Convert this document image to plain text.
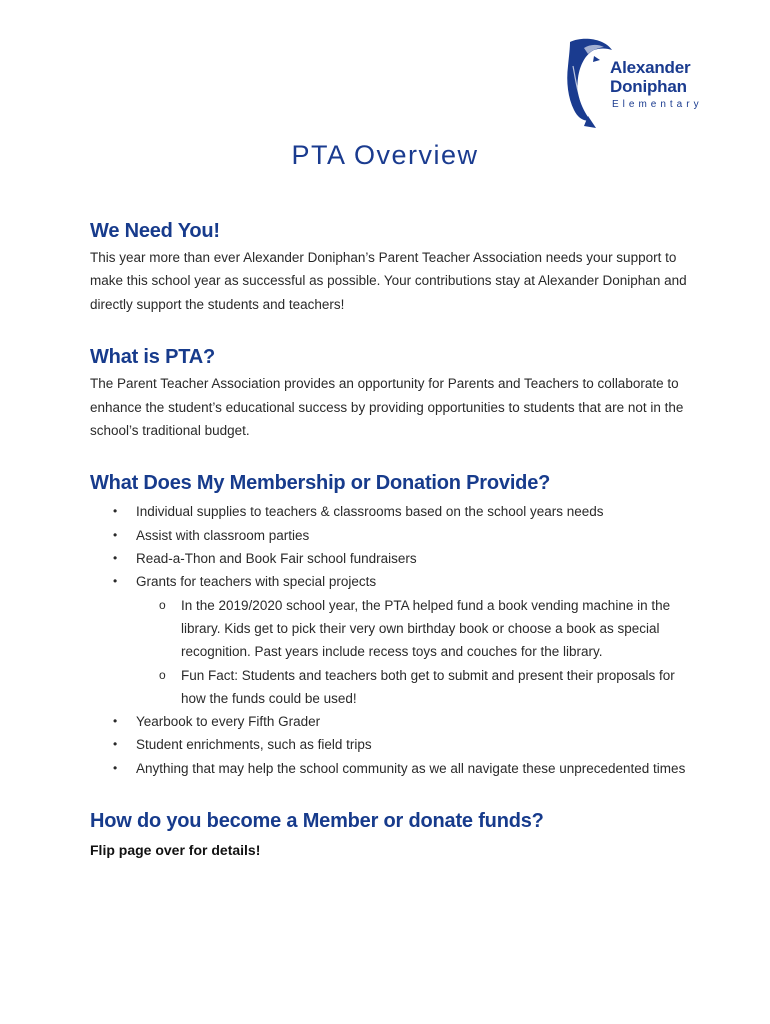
Alexander
Doniphan
Elementary
PTA Overview
We Need You!

This year more than ever Alexander Doniphan’s Parent Teacher Association needs your support to make this school year as successful as possible. Your contributions stay at Alexander Doniphan and directly support the students and teachers!

What is PTA?

The Parent Teacher Association provides an opportunity for Parents and Teachers to collaborate to enhance the student’s educational success by providing opportunities to students that are not in the school’s traditional budget.

What Does My Membership or Donation Provide?
• Individual supplies to teachers & classrooms based on the school years needs
• Assist with classroom parties
• Read-a-Thon and Book Fair school fundraisers
• Grants for teachers with special projects
o In the 2019/2020 school year, the PTA helped fund a book vending machine in the library. Kids get to pick their very own birthday book or choose a book as special recognition. Past years include recess toys and couches for the library.
o Fun Fact: Students and teachers both get to submit and present their proposals for how the funds could be used!
• Yearbook to every Fifth Grader
• Student enrichments, such as field trips
• Anything that may help the school community as we all navigate these unprecedented times
How do you become a Member or donate funds?
Flip page over for details!
